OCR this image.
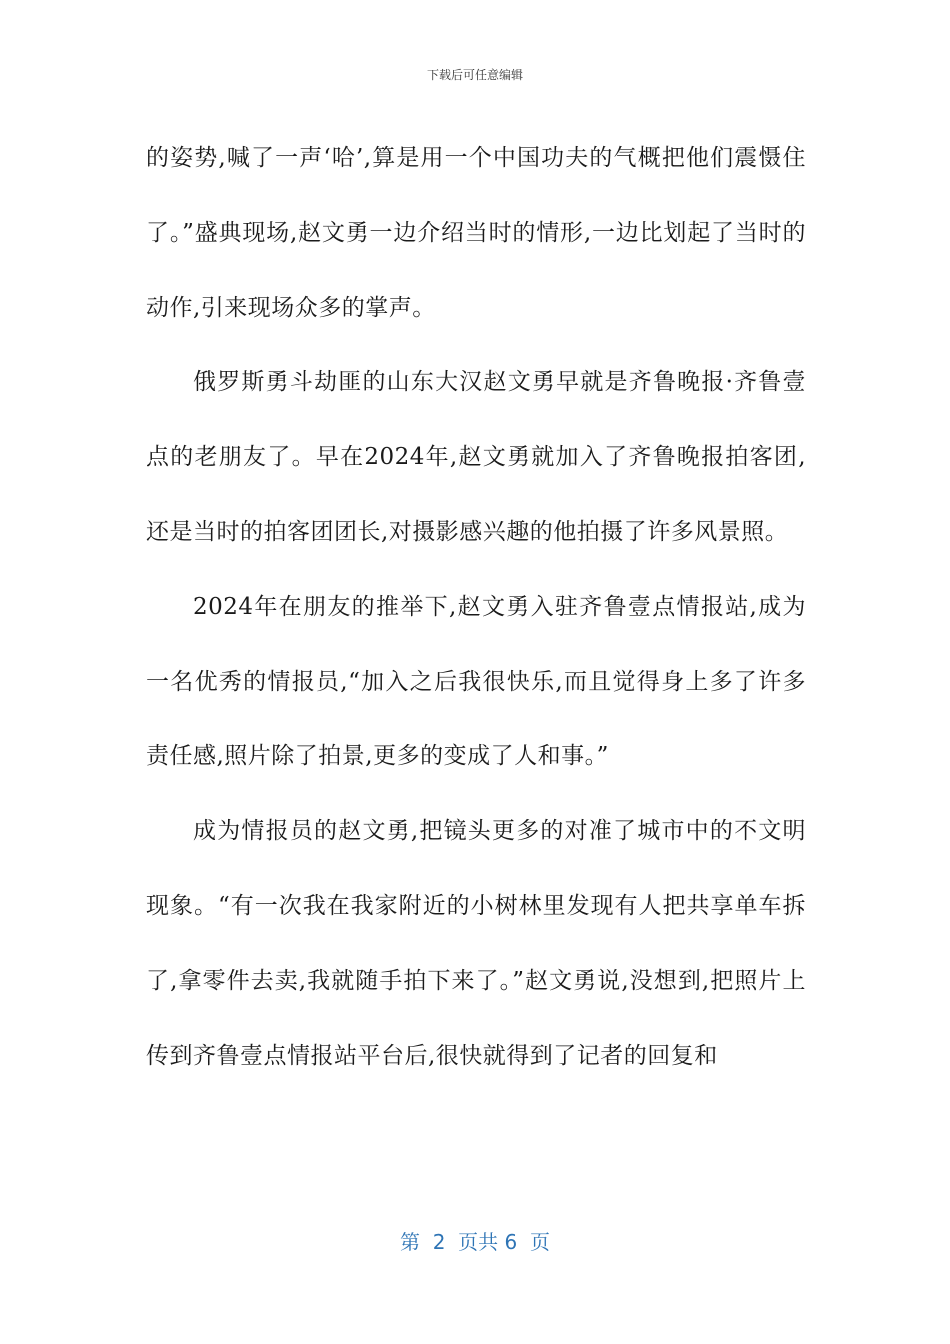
下载后可任意编辑

的姿势,喊了一声‘哈’,算是用一个中国功夫的气概把他们震慑住了。”盛典现场,赵文勇一边介绍当时的情形,一边比划起了当时的动作,引来现场众多的掌声。

俄罗斯勇斗劫匪的山东大汉赵文勇早就是齐鲁晚报·齐鲁壹点的老朋友了。早在2024年,赵文勇就加入了齐鲁晚报拍客团,还是当时的拍客团团长,对摄影感兴趣的他拍摄了许多风景照。

2024年在朋友的推举下,赵文勇入驻齐鲁壹点情报站,成为一名优秀的情报员,“加入之后我很快乐,而且觉得身上多了许多责任感,照片除了拍景,更多的变成了人和事。”

成为情报员的赵文勇,把镜头更多的对准了城市中的不文明现象。“有一次我在我家附近的小树林里发现有人把共享单车拆了,拿零件去卖,我就随手拍下来了。”赵文勇说,没想到,把照片上传到齐鲁壹点情报站平台后,很快就得到了记者的回复和

第  2  页共 6  页
